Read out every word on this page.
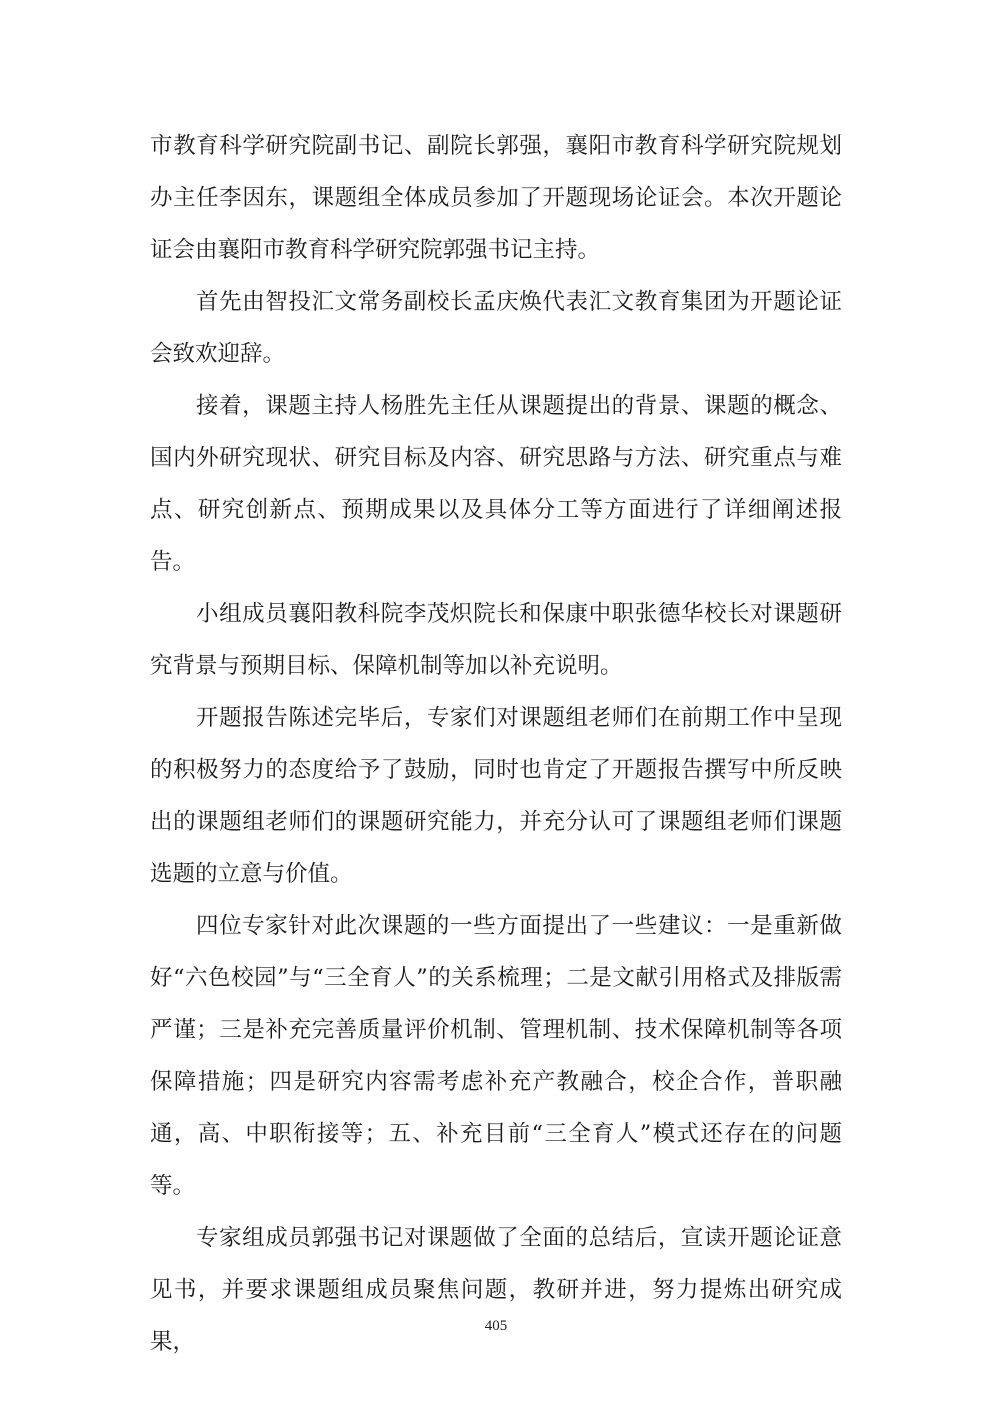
市教育科学研究院副书记、副院长郭强，襄阳市教育科学研究院规划办主任李因东，课题组全体成员参加了开题现场论证会。本次开题论证会由襄阳市教育科学研究院郭强书记主持。

首先由智投汇文常务副校长孟庆焕代表汇文教育集团为开题论证会致欢迎辞。

接着，课题主持人杨胜先主任从课题提出的背景、课题的概念、国内外研究现状、研究目标及内容、研究思路与方法、研究重点与难点、研究创新点、预期成果以及具体分工等方面进行了详细阐述报告。

小组成员襄阳教科院李茂炽院长和保康中职张德华校长对课题研究背景与预期目标、保障机制等加以补充说明。

开题报告陈述完毕后，专家们对课题组老师们在前期工作中呈现的积极努力的态度给予了鼓励，同时也肯定了开题报告撰写中所反映出的课题组老师们的课题研究能力，并充分认可了课题组老师们课题选题的立意与价值。

四位专家针对此次课题的一些方面提出了一些建议：一是重新做好“六色校园”与“三全育人”的关系梳理；二是文献引用格式及排版需严谨；三是补充完善质量评价机制、管理机制、技术保障机制等各项保障措施；四是研究内容需考虑补充产教融合，校企合作，普职融通，高、中职衔接等；五、补充目前“三全育人”模式还存在的问题等。

专家组成员郭强书记对课题做了全面的总结后，宣读开题论证意见书，并要求课题组成员聚焦问题，教研并进，努力提炼出研究成果，

405
